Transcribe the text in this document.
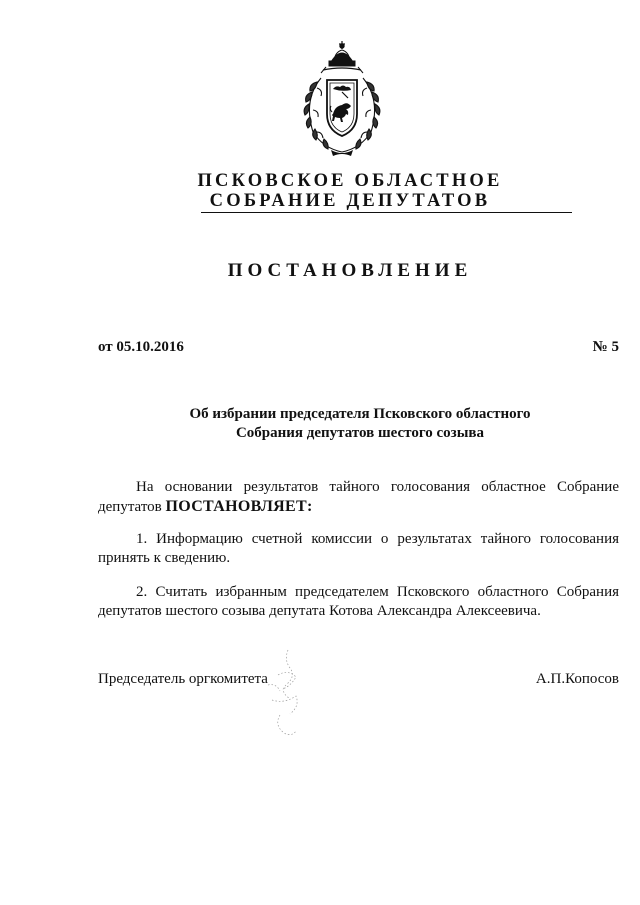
ПСКОВСКОЕ ОБЛАСТНОЕ
СОБРАНИЕ ДЕПУТАТОВ
ПОСТАНОВЛЕНИЕ
от 05.10.2016	№ 5
Об избрании председателя Псковского областного
Собрания депутатов шестого созыва
На основании результатов тайного голосования областное Собрание депутатов ПОСТАНОВЛЯЕТ:
1. Информацию счетной комиссии о результатах тайного голосования принять к сведению.
2. Считать избранным председателем Псковского областного Собрания депутатов шестого созыва депутата Котова Александра Алексеевича.
Председатель оргкомитета	А.П.Копосов
